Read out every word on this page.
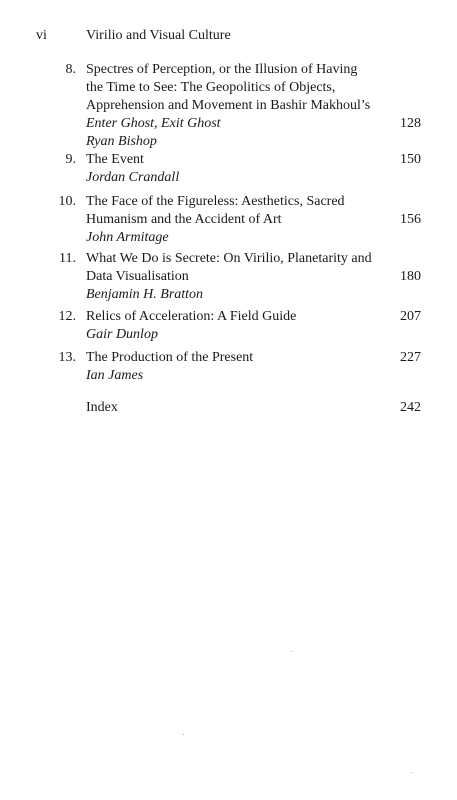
vi	Virilio and Visual Culture
8. Spectres of Perception, or the Illusion of Having
the Time to See: The Geopolitics of Objects,
Apprehension and Movement in Bashir Makhoul’s
Enter Ghost, Exit Ghost
Ryan Bishop
128
9. The Event
Jordan Crandall
150
10. The Face of the Figureless: Aesthetics, Sacred
Humanism and the Accident of Art
John Armitage
156
11. What We Do is Secrete: On Virilio, Planetarity and
Data Visualisation
Benjamin H. Bratton
180
12. Relics of Acceleration: A Field Guide
Gair Dunlop
207
13. The Production of the Present
Ian James
227
Index	242
